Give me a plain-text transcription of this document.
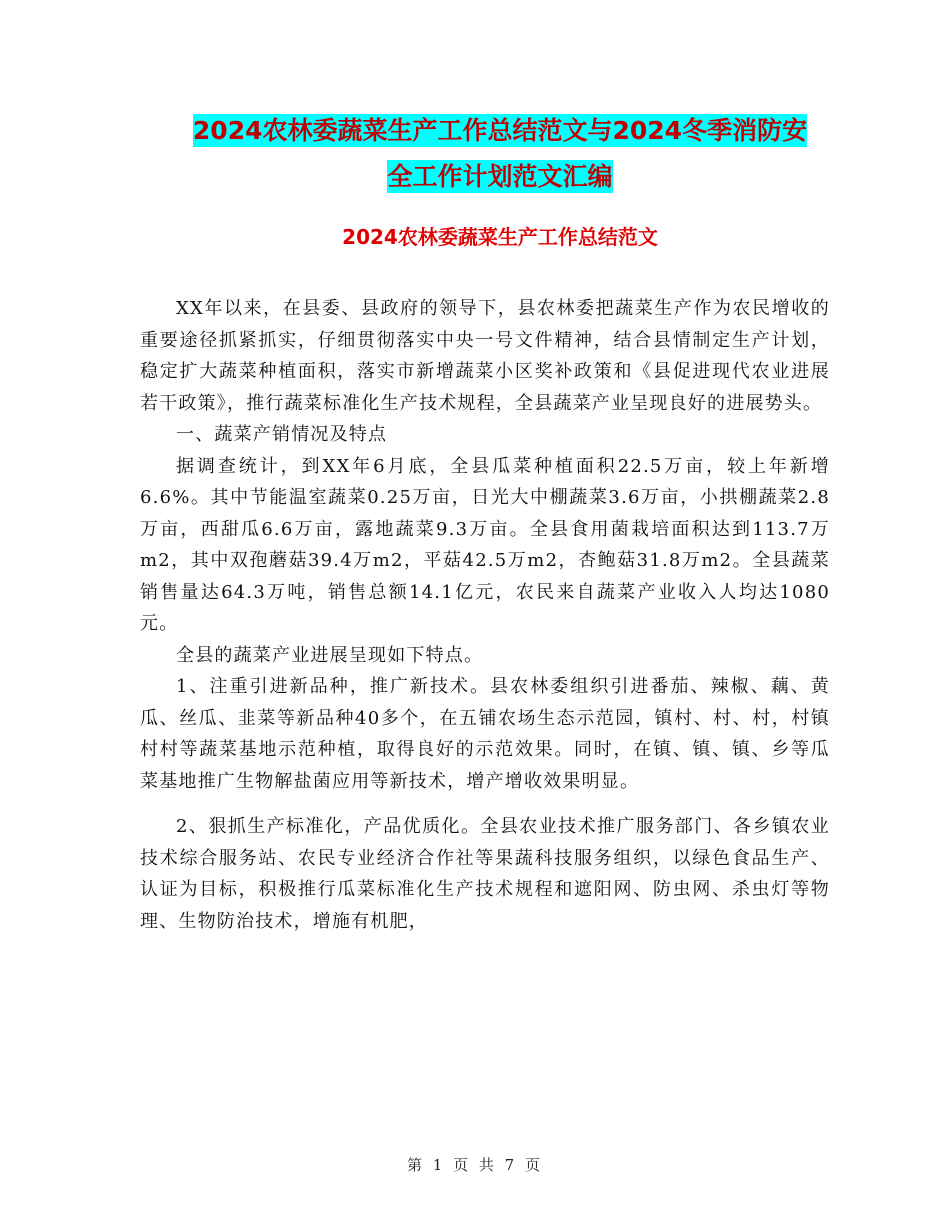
2024农林委蔬菜生产工作总结范文与2024冬季消防安
全工作计划范文汇编
2024农林委蔬菜生产工作总结范文

XX年以来，在县委、县政府的领导下，县农林委把蔬菜生产作为农民增收的重要途径抓紧抓实，仔细贯彻落实中央一号文件精神，结合县情制定生产计划，稳定扩大蔬菜种植面积，落实市新增蔬菜小区奖补政策和《县促进现代农业进展若干政策》，推行蔬菜标准化生产技术规程，全县蔬菜产业呈现良好的进展势头。

一、蔬菜产销情况及特点

据调查统计，到XX年6月底，全县瓜菜种植面积22.5万亩，较上年新增6.6%。其中节能温室蔬菜0.25万亩，日光大中棚蔬菜3.6万亩，小拱棚蔬菜2.8万亩，西甜瓜6.6万亩，露地蔬菜9.3万亩。全县食用菌栽培面积达到113.7万m2，其中双孢蘑菇39.4万m2，平菇42.5万m2，杏鲍菇31.8万m2。全县蔬菜销售量达64.3万吨，销售总额14.1亿元，农民来自蔬菜产业收入人均达1080元。

全县的蔬菜产业进展呈现如下特点。

1、注重引进新品种，推广新技术。县农林委组织引进番茄、辣椒、藕、黄瓜、丝瓜、韭菜等新品种40多个，在五铺农场生态示范园，镇村、村、村，村镇村村等蔬菜基地示范种植，取得良好的示范效果。同时，在镇、镇、镇、乡等瓜菜基地推广生物解盐菌应用等新技术，增产增收效果明显。

2、狠抓生产标准化，产品优质化。全县农业技术推广服务部门、各乡镇农业技术综合服务站、农民专业经济合作社等果蔬科技服务组织，以绿色食品生产、认证为目标，积极推行瓜菜标准化生产技术规程和遮阳网、防虫网、杀虫灯等物理、生物防治技术，增施有机肥，

第 1 页 共 7 页
